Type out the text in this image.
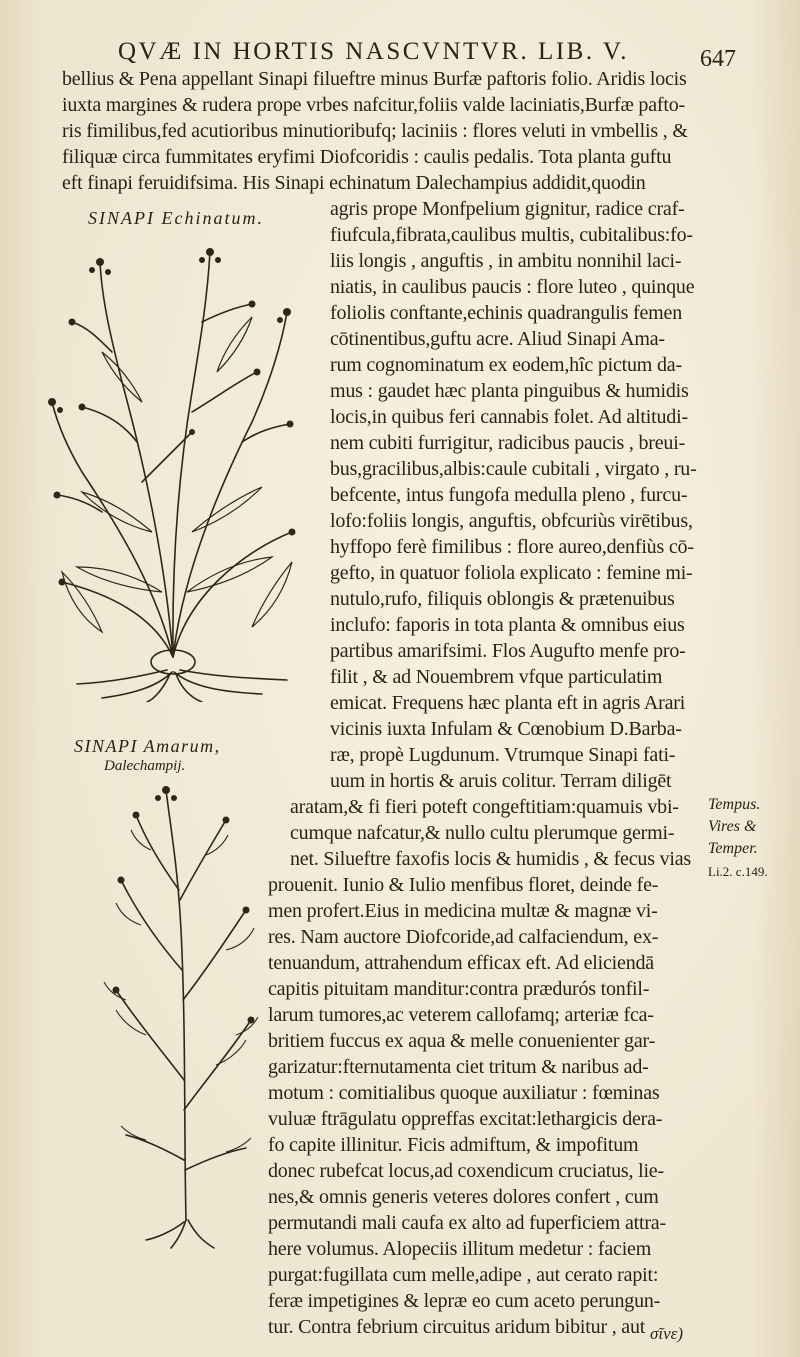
QVÆ IN HORTIS NASCVNTVR. LIB. V.	647
SINAPI Echinatum.
SINAPI Amarum,
Dalechampij.
bellius & Pena appellant Sinapi filueftre minus Burfæ paftoris folio. Aridis locis
iuxta margines & rudera prope vrbes nafcitur,foliis valde laciniatis,Burfæ pafto-
ris fimilibus,fed acutioribus minutioribufq; laciniis : flores veluti in vmbellis , &
filiquæ circa fummitates eryfimi Diofcoridis : caulis pedalis. Tota planta guftu
eft finapi feruidifsima. His Sinapi echinatum Dalechampius addidit,quodin
agris prope Monfpelium gignitur, radice craf-
fiufcula,fibrata,caulibus multis, cubitalibus:fo-
liis longis , anguftis , in ambitu nonnihil laci-
niatis, in caulibus paucis : flore luteo , quinque
foliolis conftante,echinis quadrangulis femen
cōtinentibus,guftu acre. Aliud Sinapi Ama-
rum cognominatum ex eodem,hîc pictum da-
mus : gaudet hæc planta pinguibus & humidis
locis,in quibus feri cannabis folet. Ad altitudi-
nem cubiti furrigitur, radicibus paucis , breui-
bus,gracilibus,albis:caule cubitali , virgato , ru-
befcente, intus fungofa medulla pleno , furcu-
lofo:foliis longis, anguftis, obfcuriùs virētibus,
hyffopo ferè fimilibus : flore aureo,denfiùs cō-
gefto, in quatuor foliola explicato : femine mi-
nutulo,rufo, filiquis oblongis & prætenuibus
inclufo: faporis in tota planta & omnibus eius
partibus amarifsimi. Flos Augufto menfe pro-
filit , & ad Nouembrem vfque particulatim
emicat. Frequens hæc planta eft in agris Arari
vicinis iuxta Infulam & Cœnobium D.Barba-
ræ, propè Lugdunum. Vtrumque Sinapi fati-
uum in hortis & aruis colitur. Terram diligēt
aratam,& fi fieri poteft congeftitiam:quamuis vbi-
cumque nafcatur,& nullo cultu plerumque germi-
net. Silueftre faxofis locis & humidis , & fecus vias
prouenit. Iunio & Iulio menfibus floret, deinde fe-
men profert.Eius in medicina multæ & magnæ vi-
res. Nam auctore Diofcoride,ad calfaciendum, ex-
tenuandum, attrahendum efficax eft. Ad eliciendā
capitis pituitam manditur:contra prædurós tonfil-
larum tumores,ac veterem callofamq; arteriæ fca-
britiem fuccus ex aqua & melle conuenienter gar-
garizatur:fternutamenta ciet tritum & naribus ad-
motum : comitialibus quoque auxiliatur : fœminas
vuluæ ftrāgulatu oppreffas excitat:lethargicis dera-
fo capite illinitur. Ficis admiftum, & impofitum
donec rubefcat locus,ad coxendicum cruciatus, lie-
nes,& omnis generis veteres dolores confert , cum
permutandi mali caufa ex alto ad fuperficiem attra-
here volumus. Alopeciis illitum medetur : faciem
purgat:fugillata cum melle,adipe , aut cerato rapit:
feræ impetigines & lepræ eo cum aceto perungun-
tur. Contra febrium circuitus aridum bibitur , aut
Tempus.
Vires &
Temper.
Li.2. c.149.
σῖνε)
